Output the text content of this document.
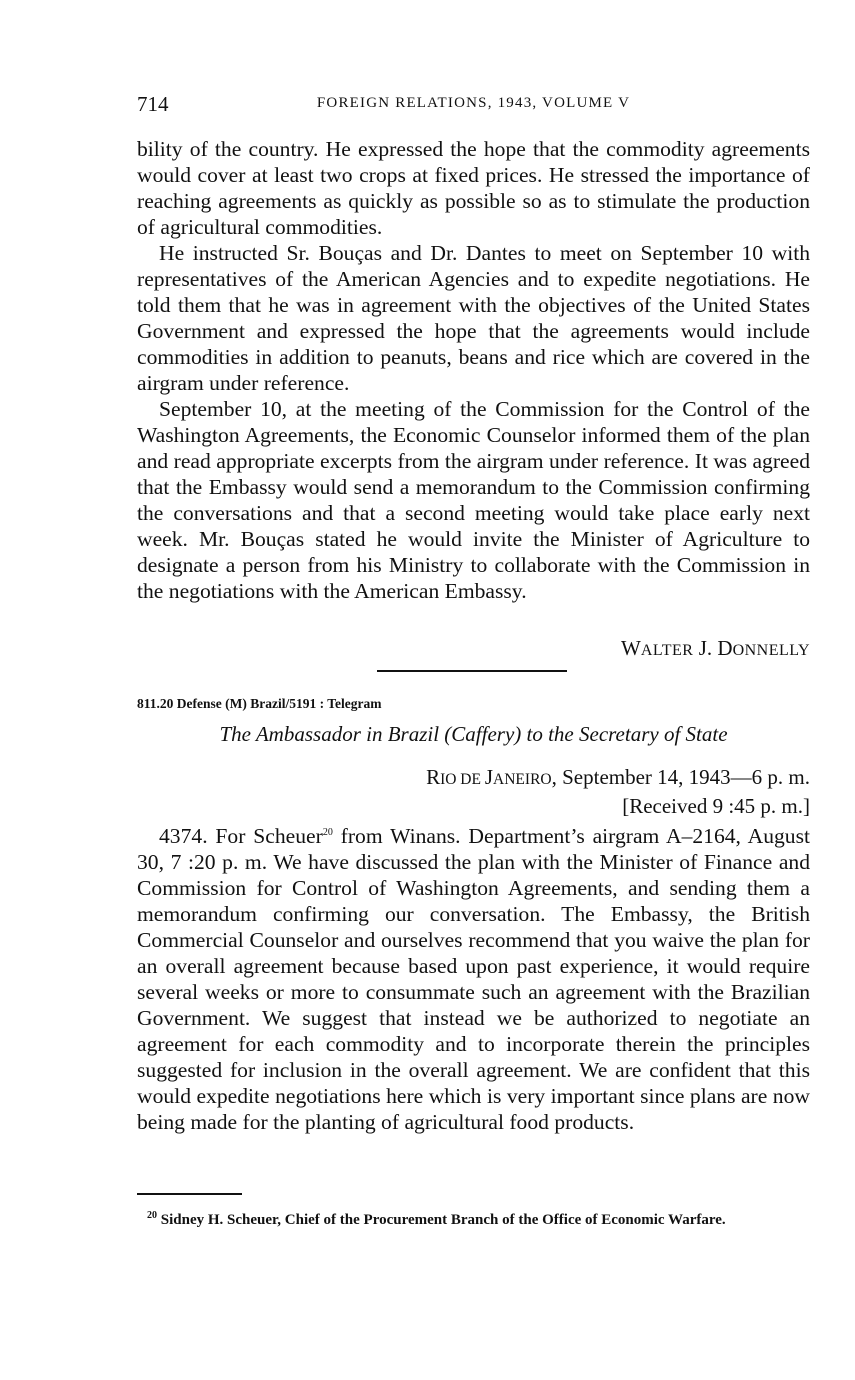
714	FOREIGN RELATIONS, 1943, VOLUME V

bility of the country. He expressed the hope that the commodity agreements would cover at least two crops at fixed prices. He stressed the importance of reaching agreements as quickly as possible so as to stimulate the production of agricultural commodities.

He instructed Sr. Bouças and Dr. Dantes to meet on September 10 with representatives of the American Agencies and to expedite negotiations. He told them that he was in agreement with the objectives of the United States Government and expressed the hope that the agreements would include commodities in addition to peanuts, beans and rice which are covered in the airgram under reference.

September 10, at the meeting of the Commission for the Control of the Washington Agreements, the Economic Counselor informed them of the plan and read appropriate excerpts from the airgram under reference. It was agreed that the Embassy would send a memorandum to the Commission confirming the conversations and that a second meeting would take place early next week. Mr. Bouças stated he would invite the Minister of Agriculture to designate a person from his Ministry to collaborate with the Commission in the negotiations with the American Embassy.

WALTER J. DONNELLY
811.20 Defense (M) Brazil/5191 : Telegram
The Ambassador in Brazil (Caffery) to the Secretary of State
RIO DE JANEIRO, September 14, 1943—6 p. m.
[Received 9 :45 p. m.]

4374. For Scheuer$^{20}$ from Winans. Department’s airgram A–2164, August 30, 7 :20 p. m. We have discussed the plan with the Minister of Finance and Commission for Control of Washington Agreements, and sending them a memorandum confirming our conversation. The Embassy, the British Commercial Counselor and ourselves recommend that you waive the plan for an overall agreement because based upon past experience, it would require several weeks or more to consummate such an agreement with the Brazilian Government. We suggest that instead we be authorized to negotiate an agreement for each commodity and to incorporate therein the principles suggested for inclusion in the overall agreement. We are confident that this would expedite negotiations here which is very important since plans are now being made for the planting of agricultural food products.

$^{20}$ Sidney H. Scheuer, Chief of the Procurement Branch of the Office of Economic Warfare.
